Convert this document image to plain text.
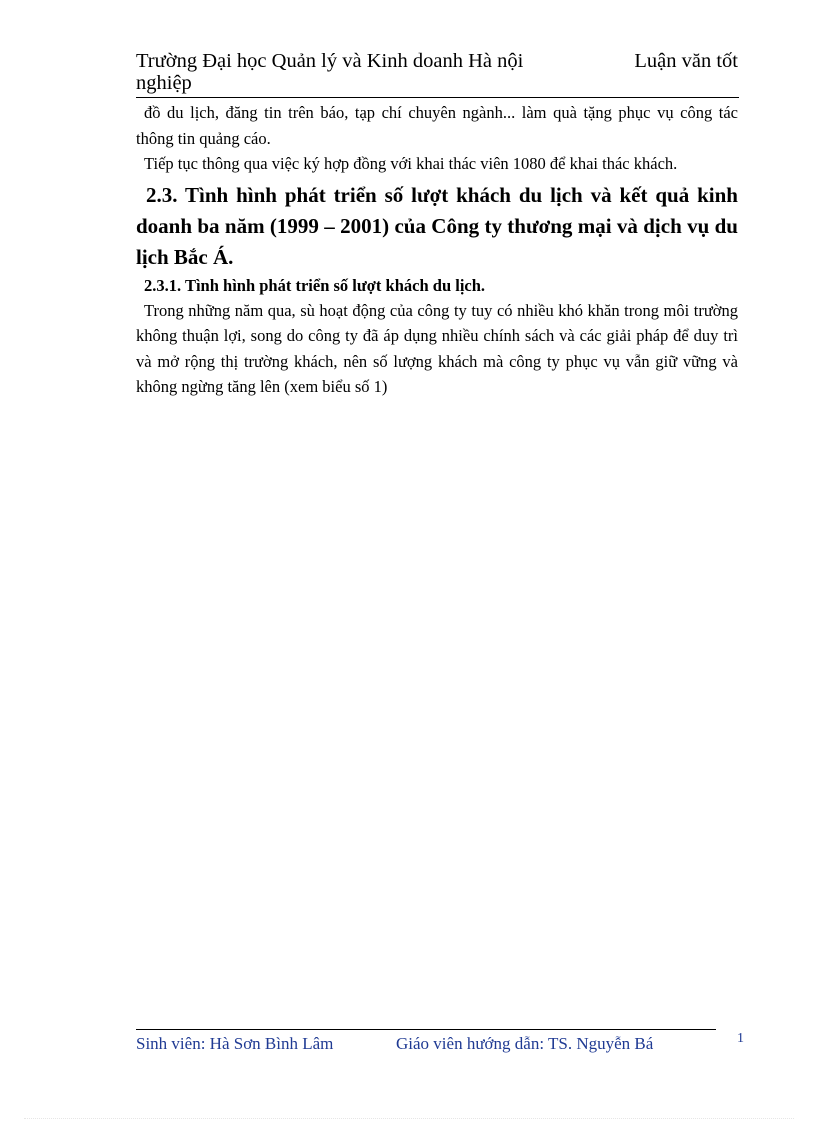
Trường Đại học Quản lý và Kinh doanh Hà nội	Luận văn tốt
nghiệp

đồ du lịch, đăng tin trên báo, tạp chí chuyên ngành... làm quà tặng phục vụ công tác thông tin quảng cáo.

Tiếp tục thông qua việc ký hợp đồng với khai thác viên 1080 để khai thác khách.

2.3. Tình hình phát triển số lượt khách du lịch và kết quả kinh doanh ba năm (1999 – 2001) của Công ty thương mại và dịch vụ du lịch Bắc Á.
2.3.1. Tình hình phát triển số lượt khách du lịch.

Trong những năm qua, sù hoạt động của công ty tuy có nhiều khó khăn trong môi trường không thuận lợi, song do công ty đã áp dụng nhiều chính sách và các giải pháp để duy trì và mở rộng thị trường khách, nên số lượng khách mà công ty phục vụ vẫn giữ vững và không ngừng tăng lên (xem biểu số 1)

Sinh viên: Hà Sơn Bình Lâm	Giáo viên hướng dẫn: TS. Nguyễn Bá	1
